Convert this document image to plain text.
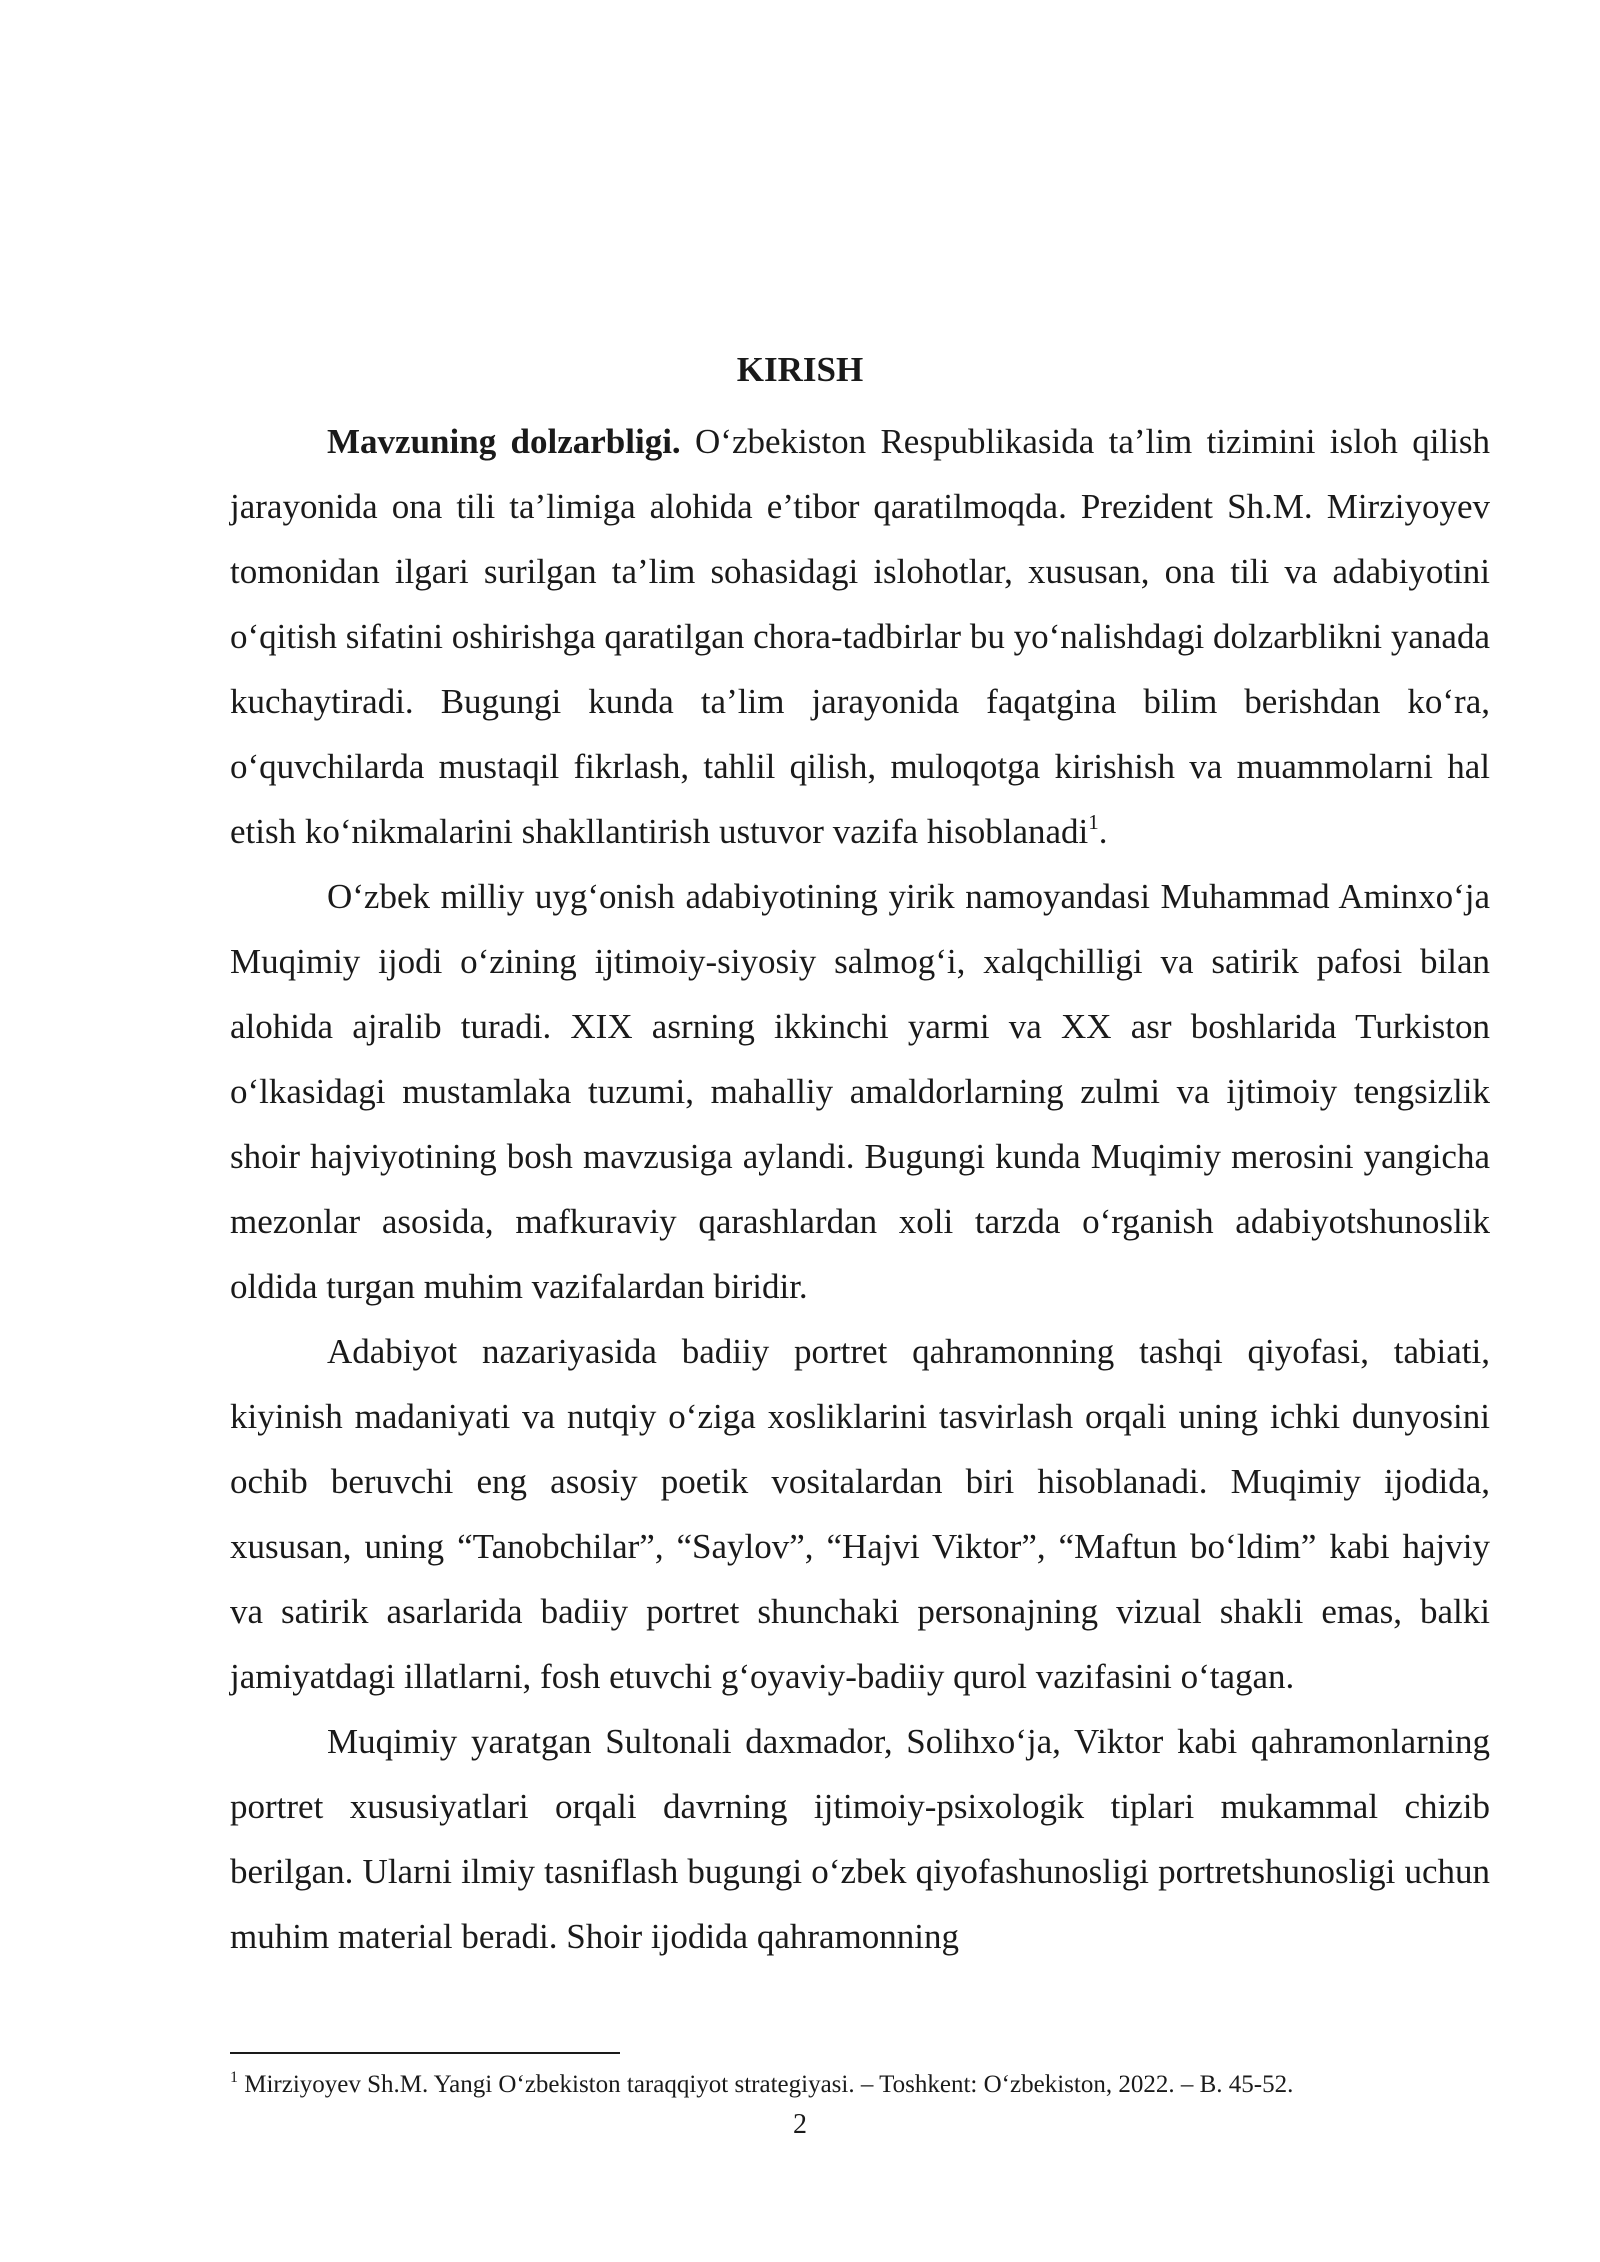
KIRISH

Mavzuning dolzarbligi. O‘zbekiston Respublikasida ta’lim tizimini isloh qilish jarayonida ona tili ta’limiga alohida e’tibor qaratilmoqda. Prezident Sh.M. Mirziyoyev tomonidan ilgari surilgan ta’lim sohasidagi islohotlar, xususan, ona tili va adabiyotini o‘qitish sifatini oshirishga qaratilgan chora-tadbirlar bu yo‘nalishdagi dolzarblikni yanada kuchaytiradi. Bugungi kunda ta’lim jarayonida faqatgina bilim berishdan ko‘ra, o‘quvchilarda mustaqil fikrlash, tahlil qilish, muloqotga kirishish va muammolarni hal etish ko‘nikmalarini shakllantirish ustuvor vazifa hisoblanadi$^1$.

O‘zbek milliy uyg‘onish adabiyotining yirik namoyandasi Muhammad Aminxo‘ja Muqimiy ijodi o‘zining ijtimoiy-siyosiy salmog‘i, xalqchilligi va satirik pafosi bilan alohida ajralib turadi. XIX asrning ikkinchi yarmi va XX asr boshlarida Turkiston o‘lkasidagi mustamlaka tuzumi, mahalliy amaldorlarning zulmi va ijtimoiy tengsizlik shoir hajviyotining bosh mavzusiga aylandi. Bugungi kunda Muqimiy merosini yangicha mezonlar asosida, mafkuraviy qarashlardan xoli tarzda o‘rganish adabiyotshunoslik oldida turgan muhim vazifalardan biridir.

Adabiyot nazariyasida badiiy portret qahramonning tashqi qiyofasi, tabiati, kiyinish madaniyati va nutqiy o‘ziga xosliklarini tasvirlash orqali uning ichki dunyosini ochib beruvchi eng asosiy poetik vositalardan biri hisoblanadi. Muqimiy ijodida, xususan, uning “Tanobchilar”, “Saylov”, “Hajvi Viktor”, “Maftun bo‘ldim” kabi hajviy va satirik asarlarida badiiy portret shunchaki personajning vizual shakli emas, balki jamiyatdagi illatlarni, fosh etuvchi g‘oyaviy-badiiy qurol vazifasini o‘tagan.

Muqimiy yaratgan Sultonali daxmador, Solihxo‘ja, Viktor kabi qahramonlarning portret xususiyatlari orqali davrning ijtimoiy-psixologik tiplari mukammal chizib berilgan. Ularni ilmiy tasniflash bugungi o‘zbek qiyofashunosligi portretshunosligi uchun muhim material beradi. Shoir ijodida qahramonning

$^1$ Mirziyoyev Sh.M. Yangi O‘zbekiston taraqqiyot strategiyasi. – Toshkent: O‘zbekiston, 2022. – B. 45-52.
2
